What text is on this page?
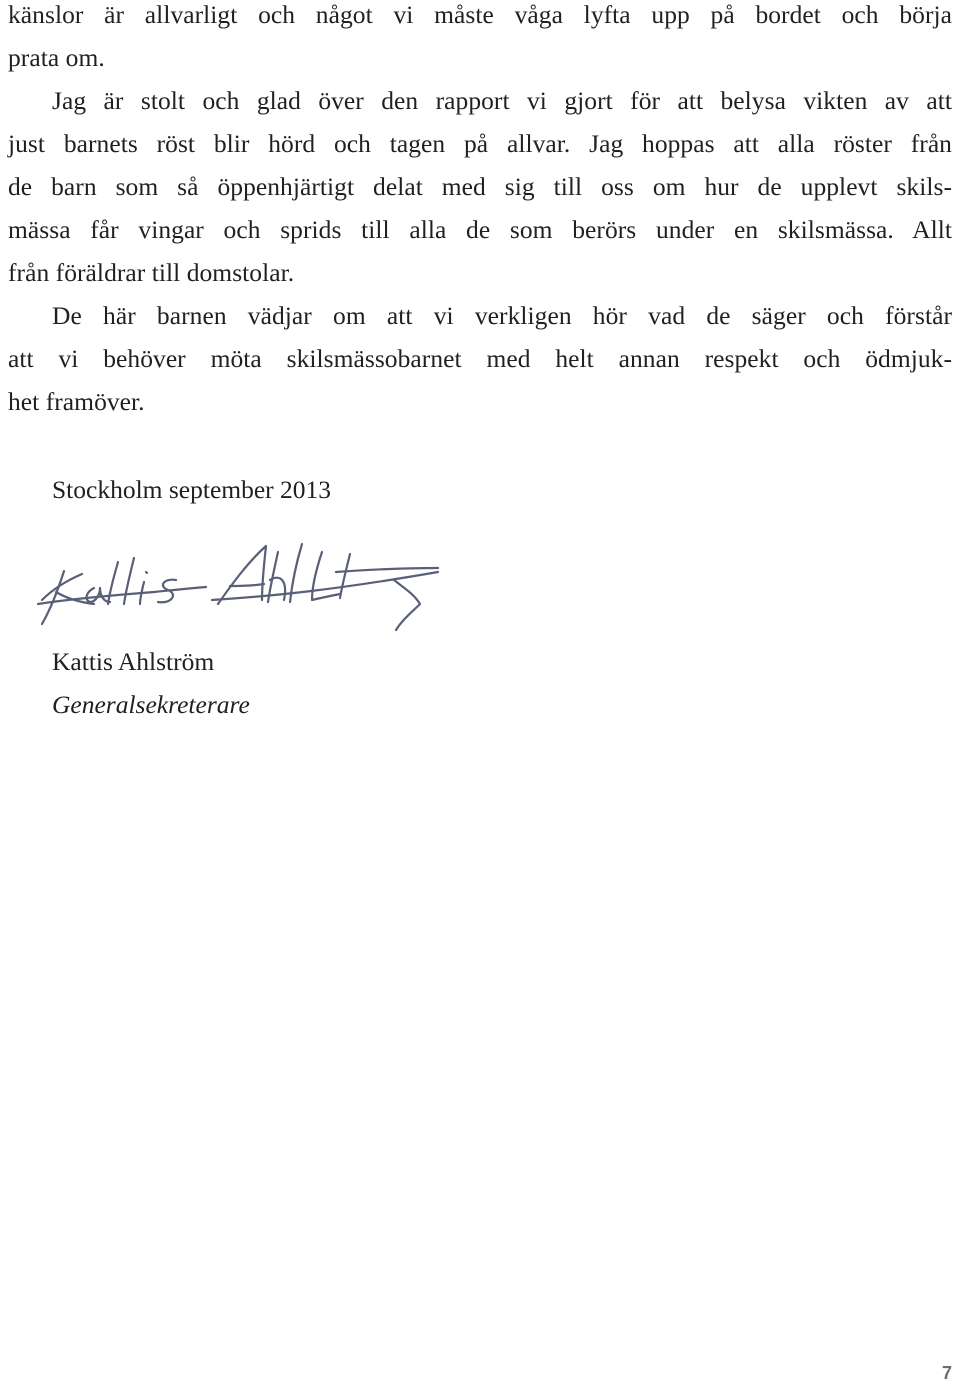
känslor är allvarligt och något vi måste våga lyfta upp på bordet och börja
prata om.
Jag är stolt och glad över den rapport vi gjort för att belysa vikten av att
just barnets röst blir hörd och tagen på allvar. Jag hoppas att alla röster från
de barn som så öppenhjärtigt delat med sig till oss om hur de upplevt skils-
mässa får vingar och sprids till alla de som berörs under en skilsmässa. Allt
från föräldrar till domstolar.
De här barnen vädjar om att vi verkligen hör vad de säger och förstår
att vi behöver möta skilsmässobarnet med helt annan respekt och ödmjuk-
het framöver.
Stockholm september 2013
Kattis Ahlström
Generalsekreterare
7
